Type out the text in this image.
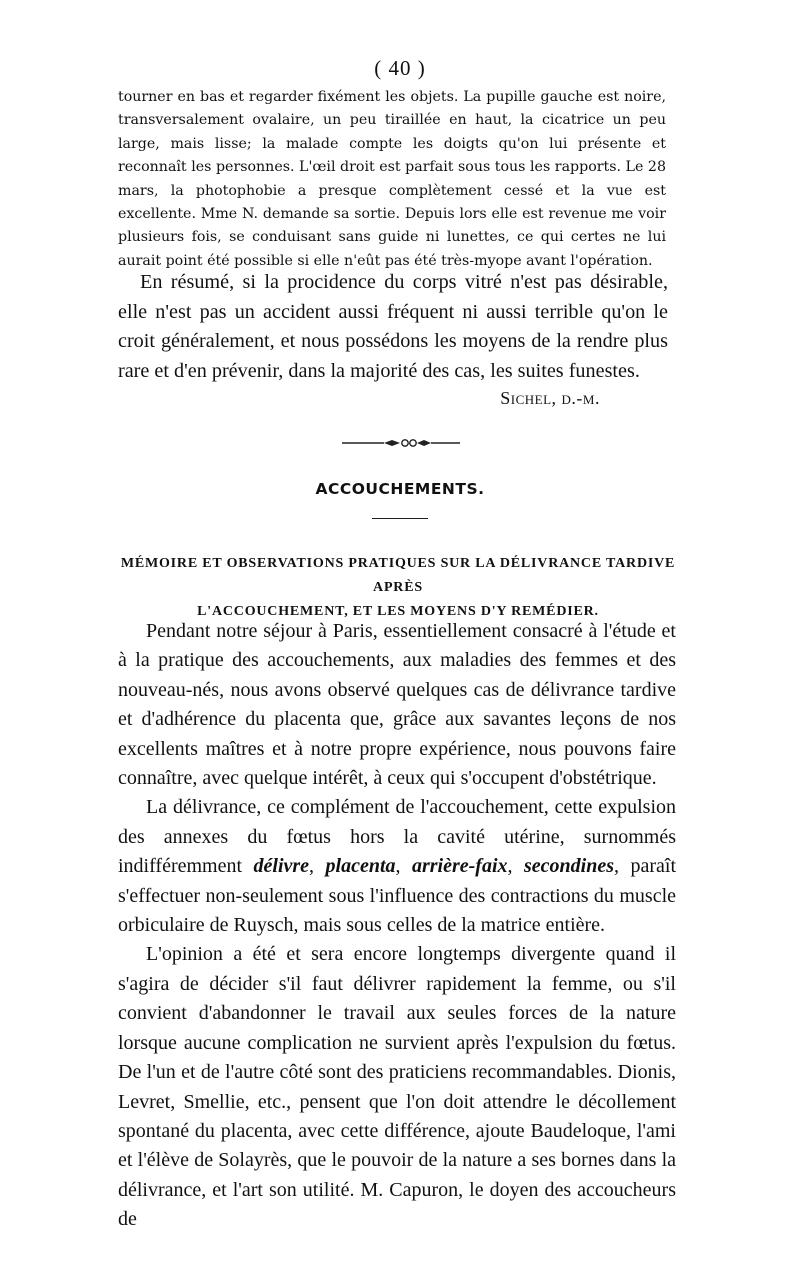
( 40 )

tourner en bas et regarder fixément les objets. La pupille gauche est noire, transversalement ovalaire, un peu tiraillée en haut, la cicatrice un peu large, mais lisse; la malade compte les doigts qu'on lui présente et reconnaît les personnes. L'œil droit est parfait sous tous les rapports. Le 28 mars, la photophobie a presque complètement cessé et la vue est excellente. Mme N. demande sa sortie. Depuis lors elle est revenue me voir plusieurs fois, se conduisant sans guide ni lunettes, ce qui certes ne lui aurait point été possible si elle n'eût pas été très-myope avant l'opération.

En résumé, si la procidence du corps vitré n'est pas désirable, elle n'est pas un accident aussi fréquent ni aussi terrible qu'on le croit généralement, et nous possédons les moyens de la rendre plus rare et d'en prévenir, dans la majorité des cas, les suites funestes.

Sichel, d.-m.
ACCOUCHEMENTS.
MÉMOIRE ET OBSERVATIONS PRATIQUES SUR LA DÉLIVRANCE TARDIVE APRÈS
L'ACCOUCHEMENT, ET LES MOYENS D'Y REMÉDIER.

Pendant notre séjour à Paris, essentiellement consacré à l'étude et à la pratique des accouchements, aux maladies des femmes et des nouveau-nés, nous avons observé quelques cas de délivrance tardive et d'adhérence du placenta que, grâce aux savantes leçons de nos excellents maîtres et à notre propre expérience, nous pouvons faire connaître, avec quelque intérêt, à ceux qui s'occupent d'obstétrique.

La délivrance, ce complément de l'accouchement, cette expulsion des annexes du fœtus hors la cavité utérine, surnommés indifféremment délivre, placenta, arrière-faix, secondines, paraît s'effectuer non-seulement sous l'influence des contractions du muscle orbiculaire de Ruysch, mais sous celles de la matrice entière.

L'opinion a été et sera encore longtemps divergente quand il s'agira de décider s'il faut délivrer rapidement la femme, ou s'il convient d'abandonner le travail aux seules forces de la nature lorsque aucune complication ne survient après l'expulsion du fœtus. De l'un et de l'autre côté sont des praticiens recommandables. Dionis, Levret, Smellie, etc., pensent que l'on doit attendre le décollement spontané du placenta, avec cette différence, ajoute Baudeloque, l'ami et l'élève de Solayrès, que le pouvoir de la nature a ses bornes dans la délivrance, et l'art son utilité. M. Capuron, le doyen des accoucheurs de
